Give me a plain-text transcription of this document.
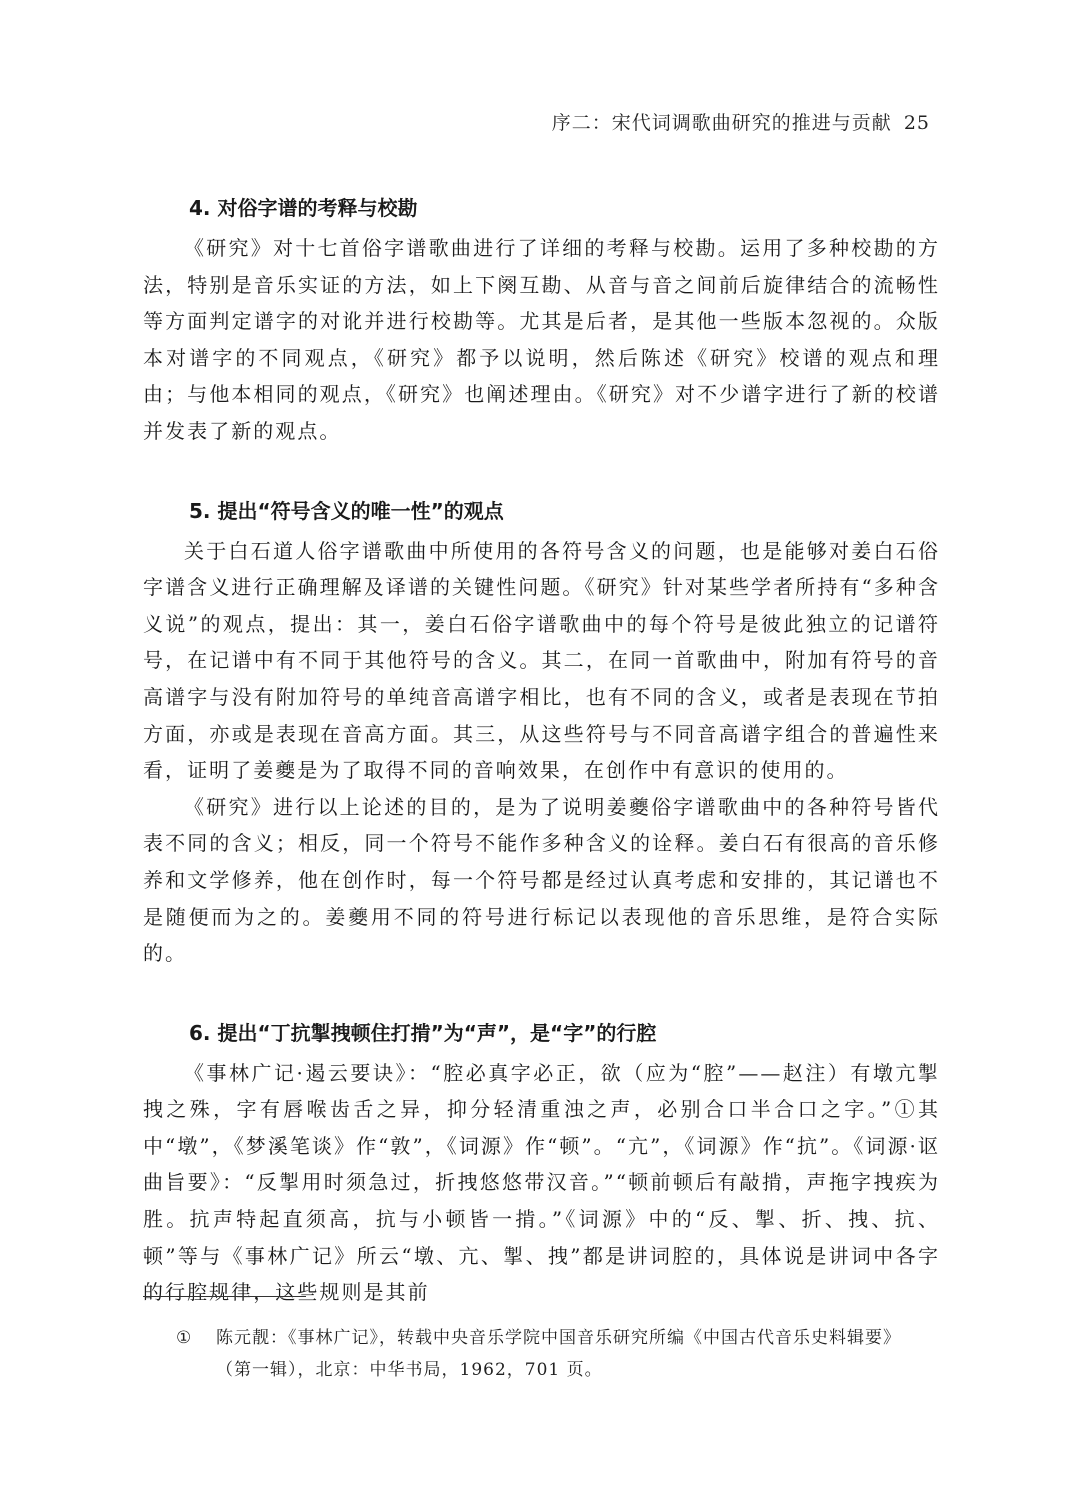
序二：宋代词调歌曲研究的推进与贡献 25
4. 对俗字谱的考释与校勘

《研究》对十七首俗字谱歌曲进行了详细的考释与校勘。运用了多种校勘的方法，特别是音乐实证的方法，如上下阕互勘、从音与音之间前后旋律结合的流畅性等方面判定谱字的对讹并进行校勘等。尤其是后者，是其他一些版本忽视的。众版本对谱字的不同观点，《研究》都予以说明，然后陈述《研究》校谱的观点和理由；与他本相同的观点，《研究》也阐述理由。《研究》对不少谱字进行了新的校谱并发表了新的观点。

5. 提出“符号含义的唯一性”的观点

关于白石道人俗字谱歌曲中所使用的各符号含义的问题，也是能够对姜白石俗字谱含义进行正确理解及译谱的关键性问题。《研究》针对某些学者所持有“多种含义说”的观点，提出：其一，姜白石俗字谱歌曲中的每个符号是彼此独立的记谱符号，在记谱中有不同于其他符号的含义。其二，在同一首歌曲中，附加有符号的音高谱字与没有附加符号的单纯音高谱字相比，也有不同的含义，或者是表现在节拍方面，亦或是表现在音高方面。其三，从这些符号与不同音高谱字组合的普遍性来看，证明了姜夔是为了取得不同的音响效果，在创作中有意识的使用的。

《研究》进行以上论述的目的，是为了说明姜夔俗字谱歌曲中的各种符号皆代表不同的含义；相反，同一个符号不能作多种含义的诠释。姜白石有很高的音乐修养和文学修养，他在创作时，每一个符号都是经过认真考虑和安排的，其记谱也不是随便而为之的。姜夔用不同的符号进行标记以表现他的音乐思维，是符合实际的。

6. 提出“丁抗掣拽顿住打掯”为“声”，是“字”的行腔

《事林广记·遏云要诀》：“腔必真字必正，欲（应为“腔”——赵注）有墩亢掣拽之殊，字有唇喉齿舌之异，抑分轻清重浊之声，必别合口半合口之字。”①其中“墩”，《梦溪笔谈》作“敦”，《词源》作“顿”。“亢”，《词源》作“抗”。《词源·讴曲旨要》：“反掣用时须急过，折拽悠悠带汉音。”“顿前顿后有敲掯，声拖字拽疾为胜。抗声特起直须高，抗与小顿皆一掯。”《词源》中的“反、掣、折、拽、抗、顿”等与《事林广记》所云“墩、亢、掣、拽”都是讲词腔的，具体说是讲词中各字的行腔规律，这些规则是其前

① 陈元靓：《事林广记》，转载中央音乐学院中国音乐研究所编《中国古代音乐史料辑要》
（第一辑），北京：中华书局，1962，701 页。
